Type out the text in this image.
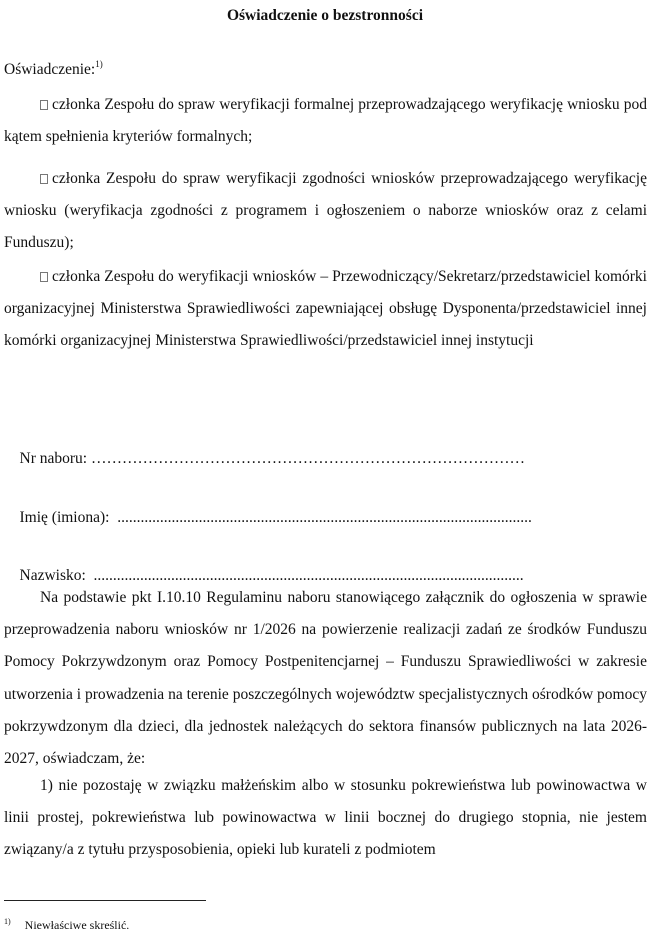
Oświadczenie o bezstronności
Oświadczenie:$^{1)}$
członka Zespołu do spraw weryfikacji formalnej przeprowadzającego weryfikację wniosku pod kątem spełnienia kryteriów formalnych;
członka Zespołu do spraw weryfikacji zgodności wniosków przeprowadzającego weryfikację wniosku (weryfikacja zgodności z programem i ogłoszeniem o naborze wniosków oraz z celami Funduszu);
członka Zespołu do weryfikacji wniosków – Przewodniczący/Sekretarz/przedstawiciel komórki organizacyjnej Ministerstwa Sprawiedliwości zapewniającej obsługę Dysponenta/przedstawiciel innej komórki organizacyjnej Ministerstwa Sprawiedliwości/przedstawiciel innej instytucji

Nr naboru: …………………………………………………………………………

Imię (imiona): ...........................................................................................................

Nazwisko: ...............................................................................................................

Na podstawie pkt I.10.10 Regulaminu naboru stanowiącego załącznik do ogłoszenia w sprawie przeprowadzenia naboru wniosków nr 1/2026 na powierzenie realizacji zadań ze środków Funduszu Pomocy Pokrzywdzonym oraz Pomocy Postpenitencjarnej – Funduszu Sprawiedliwości w zakresie utworzenia i prowadzenia na terenie poszczególnych województw specjalistycznych ośrodków pomocy pokrzywdzonym dla dzieci, dla jednostek należących do sektora finansów publicznych na lata 2026-2027, oświadczam, że:
1) nie pozostaję w związku małżeńskim albo w stosunku pokrewieństwa lub powinowactwa w linii prostej, pokrewieństwa lub powinowactwa w linii bocznej do drugiego stopnia, nie jestem związany/a z tytułu przysposobienia, opieki lub kurateli z podmiotem
$^{1)}$ Niewłaściwe skreślić.
